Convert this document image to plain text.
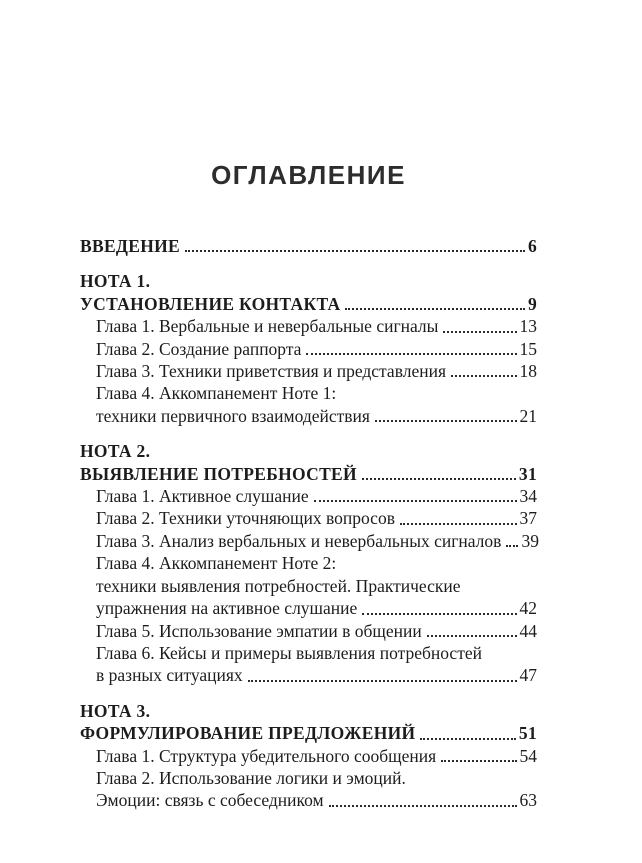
ОГЛАВЛЕНИЕ
ВВЕДЕНИЕ	6
НОТА 1.
УСТАНОВЛЕНИЕ КОНТАКТА	9
Глава 1. Вербальные и невербальные сигналы	13
Глава 2. Создание раппорта	15
Глава 3. Техники приветствия и представления	18
Глава 4. Аккомпанемент Ноте 1:
техники первичного взаимодействия	21
НОТА 2.
ВЫЯВЛЕНИЕ ПОТРЕБНОСТЕЙ	31
Глава 1. Активное слушание	34
Глава 2. Техники уточняющих вопросов	37
Глава 3. Анализ вербальных и невербальных сигналов 39
Глава 4. Аккомпанемент Ноте 2:
техники выявления потребностей. Практические
упражнения на активное слушание	42
Глава 5. Использование эмпатии в общении	44
Глава 6. Кейсы и примеры выявления потребностей
в разных ситуациях	47
НОТА 3.
ФОРМУЛИРОВАНИЕ ПРЕДЛОЖЕНИЙ	51
Глава 1. Структура убедительного сообщения	54
Глава 2. Использование логики и эмоций.
Эмоции: связь с собеседником	63
